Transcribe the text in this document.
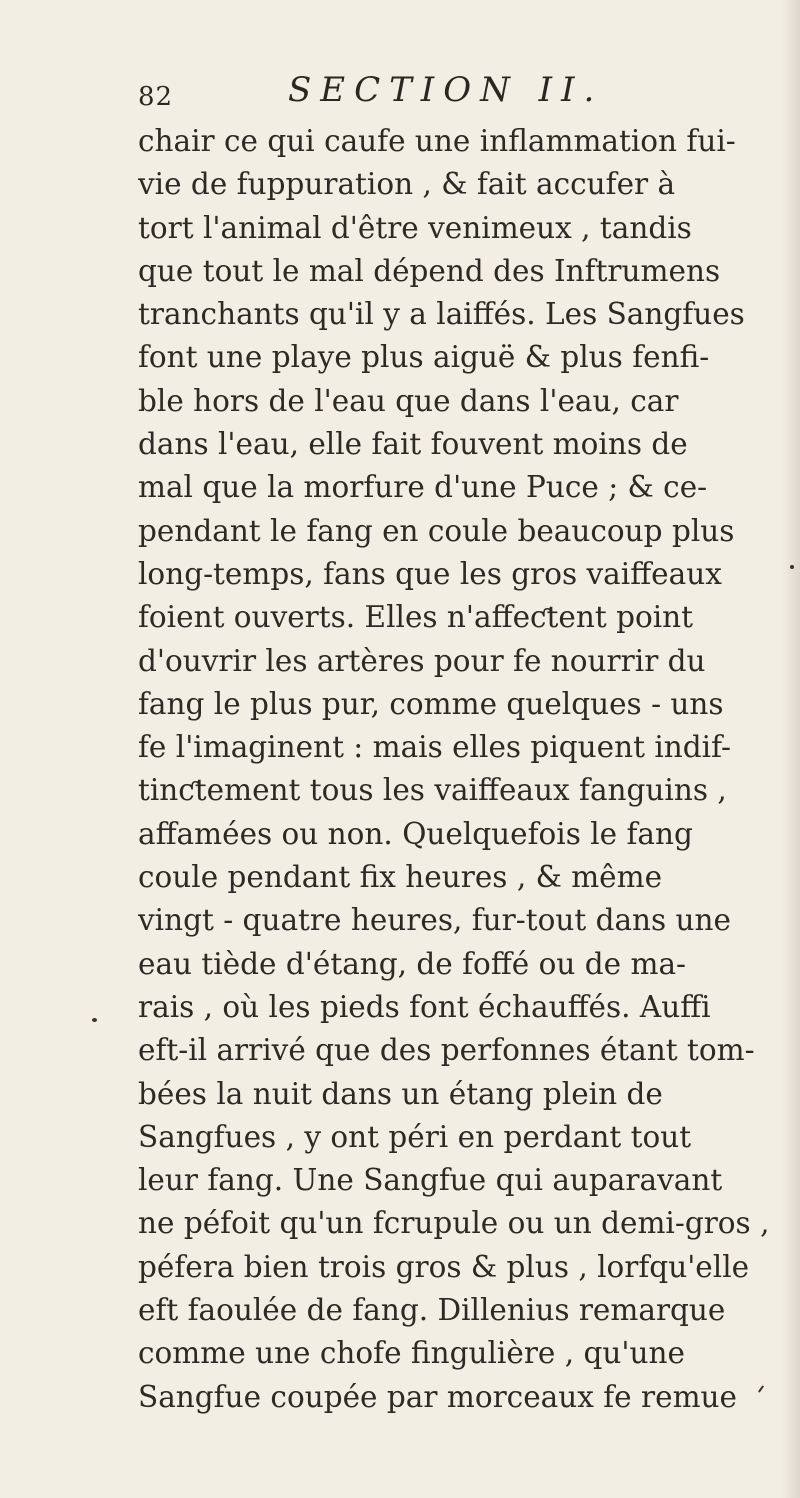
82	SECTION II.
chair ce qui caufe une inflammation fui-
vie de fuppuration , & fait accufer à
tort l'animal d'être venimeux , tandis
que tout le mal dépend des Inftrumens
tranchants qu'il y a laiffés. Les Sangfues
font une playe plus aiguë & plus fenfi-
ble hors de l'eau que dans l'eau, car
dans l'eau, elle fait fouvent moins de
mal que la morfure d'une Puce ; & ce-
pendant le fang en coule beaucoup plus
long-temps, fans que les gros vaiffeaux
foient ouverts. Elles n'affeƈtent point
d'ouvrir les artères pour fe nourrir du
fang le plus pur, comme quelques - uns
fe l'imaginent : mais elles piquent indif-
tinƈtement tous les vaiffeaux fanguins ,
affamées ou non. Quelquefois le fang
coule pendant fix heures , & même
vingt - quatre heures, fur-tout dans une
eau tiède d'étang, de foffé ou de ma-
rais , où les pieds font échauffés. Auffi
eft-il arrivé que des perfonnes étant tom-
bées la nuit dans un étang plein de
Sangfues , y ont péri en perdant tout
leur fang. Une Sangfue qui auparavant
ne péfoit qu'un fcrupule ou un demi-gros ,
péfera bien trois gros & plus , lorfqu'elle
eft faoulée de fang. Dillenius remarque
comme une chofe fingulière , qu'une
Sangfue coupée par morceaux fe remue
